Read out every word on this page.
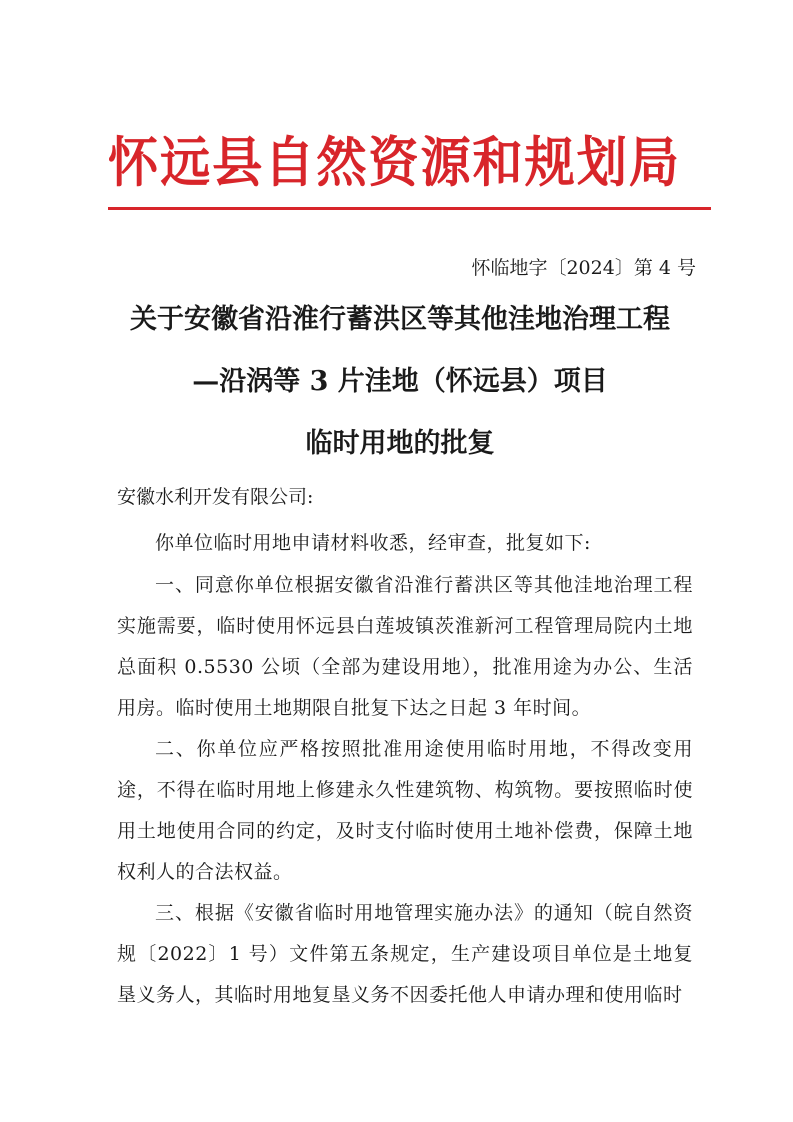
怀远县自然资源和规划局
怀临地字〔2024〕第 4 号
关于安徽省沿淮行蓄洪区等其他洼地治理工程
—沿涡等 3 片洼地（怀远县）项目
临时用地的批复
安徽水利开发有限公司:
你单位临时用地申请材料收悉，经审查，批复如下:
一、同意你单位根据安徽省沿淮行蓄洪区等其他洼地治理工程实施需要，临时使用怀远县白莲坡镇茨淮新河工程管理局院内土地总面积 0.5530 公顷（全部为建设用地），批准用途为办公、生活用房。临时使用土地期限自批复下达之日起 3 年时间。
二、你单位应严格按照批准用途使用临时用地，不得改变用途，不得在临时用地上修建永久性建筑物、构筑物。要按照临时使用土地使用合同的约定，及时支付临时使用土地补偿费，保障土地权利人的合法权益。
三、根据《安徽省临时用地管理实施办法》的通知（皖自然资规〔2022〕1 号）文件第五条规定，生产建设项目单位是土地复垦义务人，其临时用地复垦义务不因委托他人申请办理和使用临时
